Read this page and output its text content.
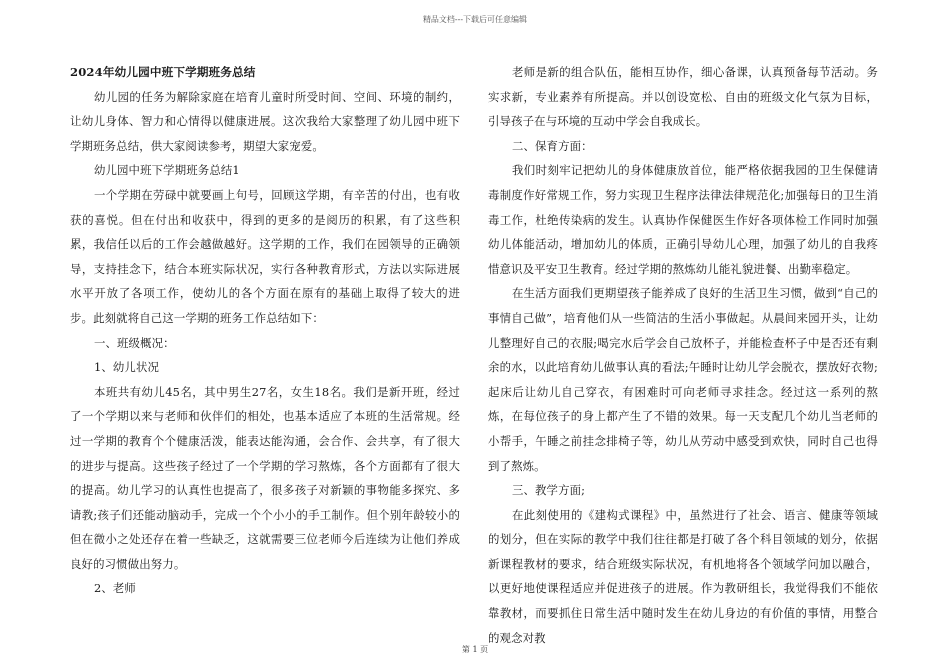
精品文档---下载后可任意编辑

2024年幼儿园中班下学期班务总结

幼儿园的任务为解除家庭在培育儿童时所受时间、空间、环境的制约，让幼儿身体、智力和心情得以健康进展。这次我给大家整理了幼儿园中班下学期班务总结，供大家阅读参考，期望大家宠爱。

幼儿园中班下学期班务总结1

一个学期在劳碌中就要画上句号，回顾这学期，有辛苦的付出，也有收获的喜悦。但在付出和收获中，得到的更多的是阅历的积累，有了这些积累，我信任以后的工作会越做越好。这学期的工作，我们在园领导的正确领导，支持挂念下，结合本班实际状况，实行各种教育形式，方法以实际进展水平开放了各项工作，使幼儿的各个方面在原有的基础上取得了较大的进步。此刻就将自己这一学期的班务工作总结如下：

一、班级概况：

1、幼儿状况

本班共有幼儿45名，其中男生27名，女生18名。我们是新开班，经过了一个学期以来与老师和伙伴们的相处，也基本适应了本班的生活常规。经过一学期的教育个个健康活泼，能表达能沟通，会合作、会共享，有了很大的进步与提高。这些孩子经过了一个学期的学习熬炼，各个方面都有了很大的提高。幼儿学习的认真性也提高了，很多孩子对新颖的事物能多探究、多请教;孩子们还能动脑动手，完成一个个小小的手工制作。但个别年龄较小的但在微小之处还存在着一些缺乏，这就需要三位老师今后连续为让他们养成良好的习惯做出努力。

2、老师

老师是新的组合队伍，能相互协作，细心备课，认真预备每节活动。务实求新，专业素养有所提高。并以创设宽松、自由的班级文化气氛为目标，引导孩子在与环境的互动中学会自我成长。

二、保育方面：

我们时刻牢记把幼儿的身体健康放首位，能严格依据我园的卫生保健请毒制度作好常规工作，努力实现卫生程序法律法律规范化;加强每日的卫生消毒工作，杜绝传染病的发生。认真协作保健医生作好各项体检工作同时加强幼儿体能活动，增加幼儿的体质，正确引导幼儿心理，加强了幼儿的自我疼惜意识及平安卫生教育。经过学期的熬炼幼儿能礼貌进餐、出勤率稳定。

在生活方面我们更期望孩子能养成了良好的生活卫生习惯，做到“自己的事情自己做”，培育他们从一些简洁的生活小事做起。从晨间来园开头，让幼儿整理好自己的衣服;喝完水后学会自己放杯子，并能检查杯子中是否还有剩余的水，以此培育幼儿做事认真的看法;午睡时让幼儿学会脱衣，摆放好衣物;起床后让幼儿自己穿衣，有困难时可向老师寻求挂念。经过这一系列的熬炼，在每位孩子的身上都产生了不错的效果。每一天支配几个幼儿当老师的小帮手，午睡之前挂念排椅子等，幼儿从劳动中感受到欢快，同时自己也得到了熬炼。

三、教学方面;

在此刻使用的《建构式课程》中，虽然进行了社会、语言、健康等领域的划分，但在实际的教学中我们往往都是打破了各个科目领域的划分，依据新课程教材的要求，结合班级实际状况，有机地将各个领域学问加以融合，以更好地使课程适应并促进孩子的进展。作为教研组长，我觉得我们不能依靠教材，而要抓住日常生活中随时发生在幼儿身边的有价值的事情，用整合的观念对教

第 1 页
